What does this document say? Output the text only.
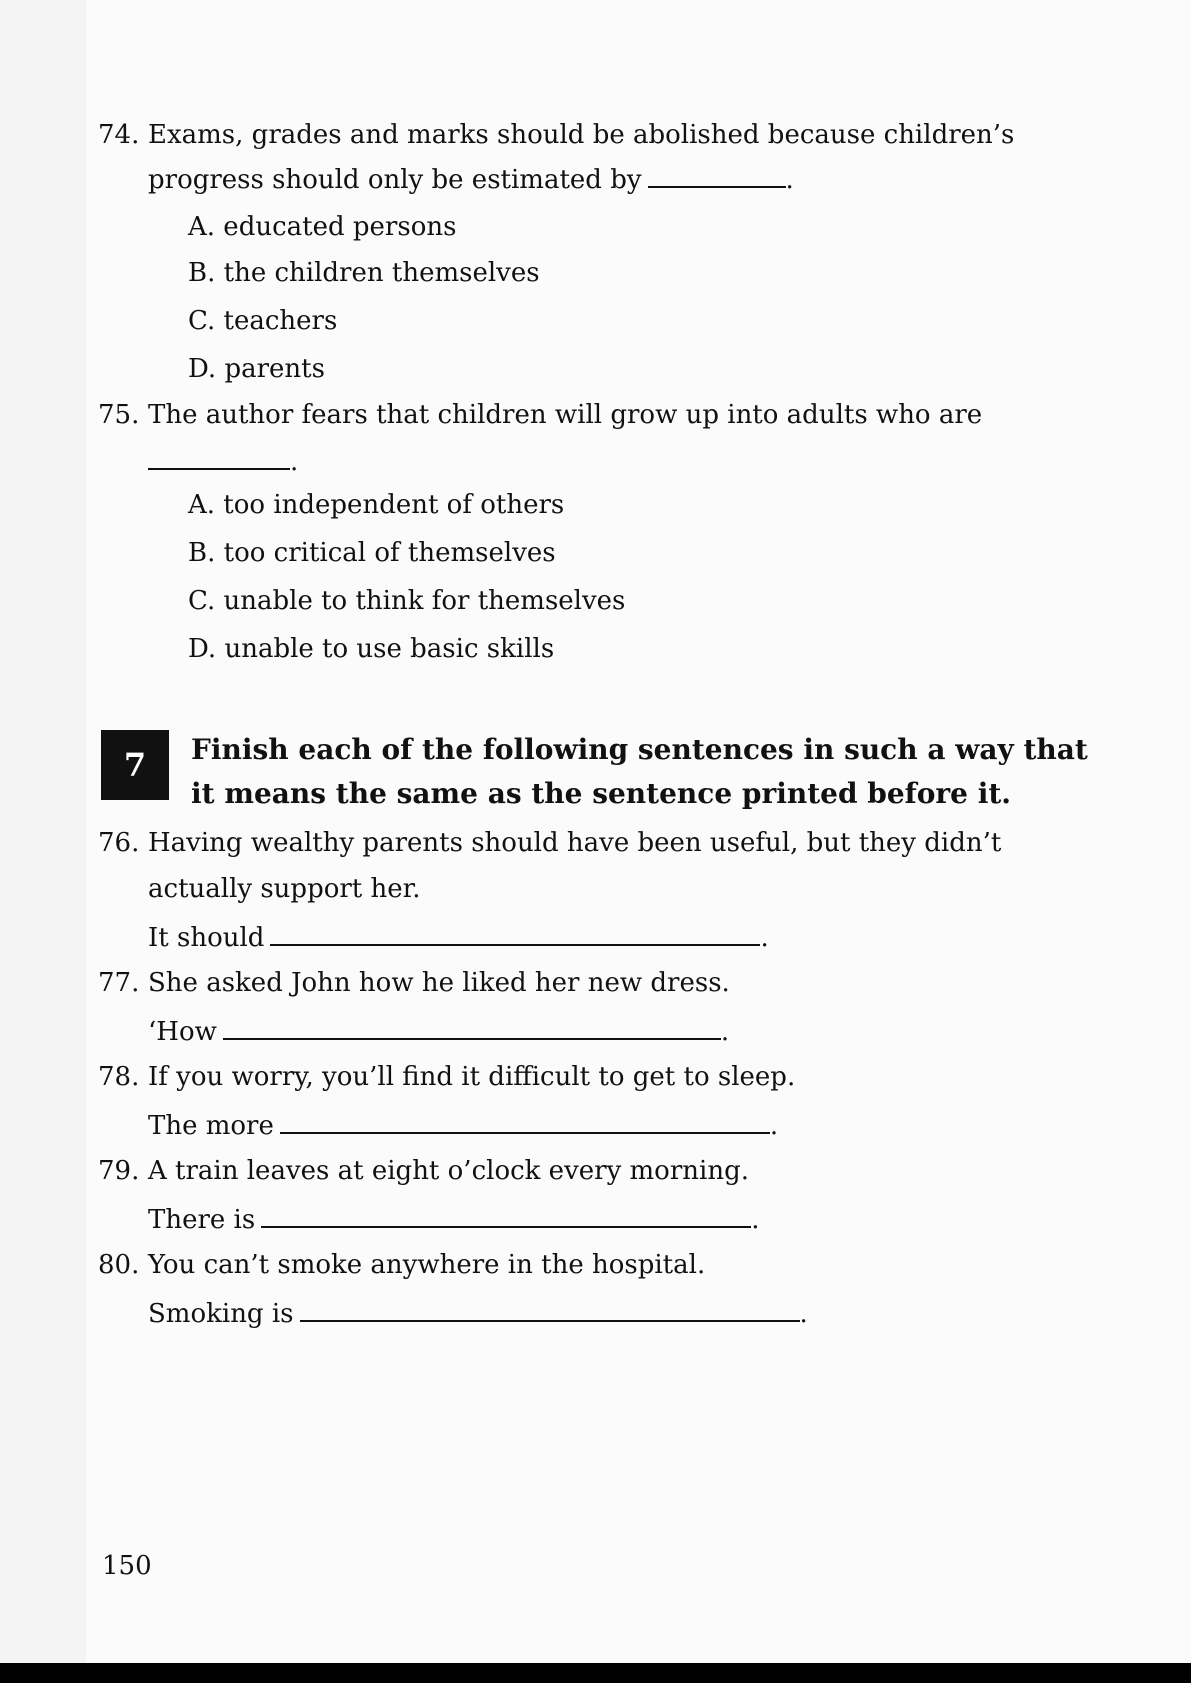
74. Exams, grades and marks should be abolished because children’s
progress should only be estimated by	.
A. educated persons
B. the children themselves
C. teachers
D. parents
75. The author fears that children will grow up into adults who are
.
A. too independent of others
B. too critical of themselves
C. unable to think for themselves
D. unable to use basic skills
7	Finish each of the following sentences in such a way that
it means the same as the sentence printed before it.
76. Having wealthy parents should have been useful, but they didn’t
actually support her.
It should	.
77. She asked John how he liked her new dress.
‘How	.
78. If you worry, you’ll find it difficult to get to sleep.
The more	.
79. A train leaves at eight o’clock every morning.
There is	.
80. You can’t smoke anywhere in the hospital.
Smoking is	.
150
